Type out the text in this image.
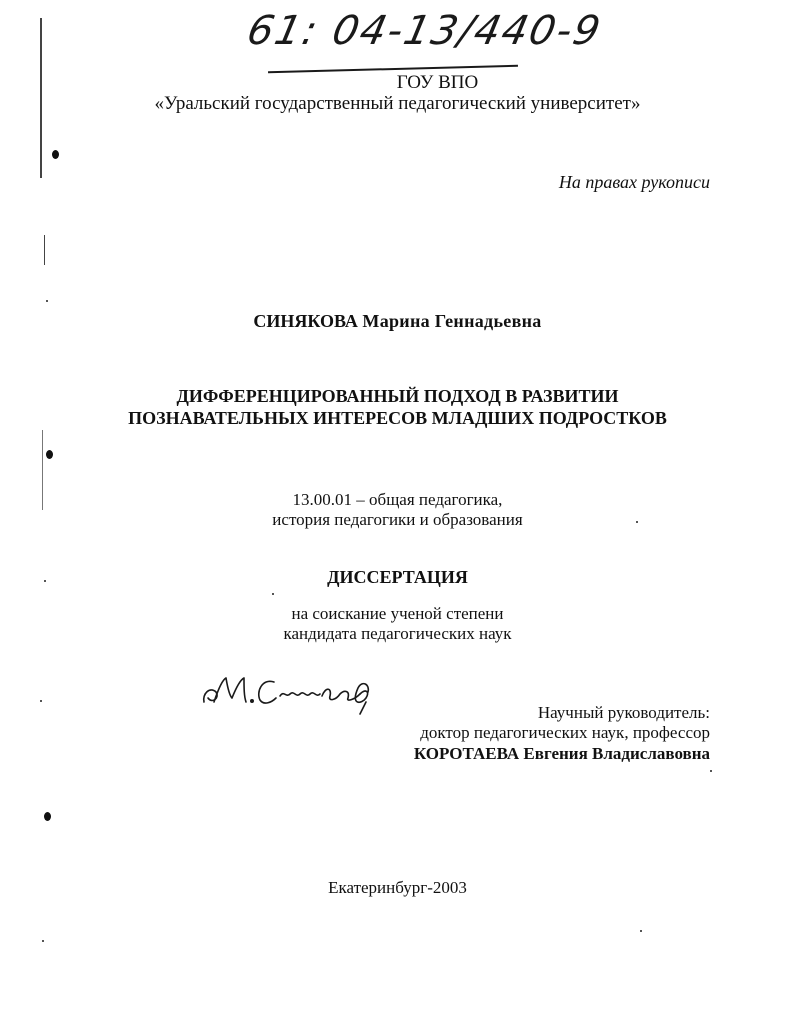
61: 04-13/440-9
ГОУ ВПО
«Уральский государственный педагогический университет»
На правах рукописи
СИНЯКОВА Марина Геннадьевна
ДИФФЕРЕНЦИРОВАННЫЙ ПОДХОД В РАЗВИТИИ
ПОЗНАВАТЕЛЬНЫХ ИНТЕРЕСОВ МЛАДШИХ ПОДРОСТКОВ
13.00.01 – общая педагогика,
история педагогики и образования
ДИССЕРТАЦИЯ
на соискание ученой степени
кандидата педагогических наук
Научный руководитель:
доктор педагогических наук, профессор
КОРОТАЕВА Евгения Владиславовна
Екатеринбург-2003
